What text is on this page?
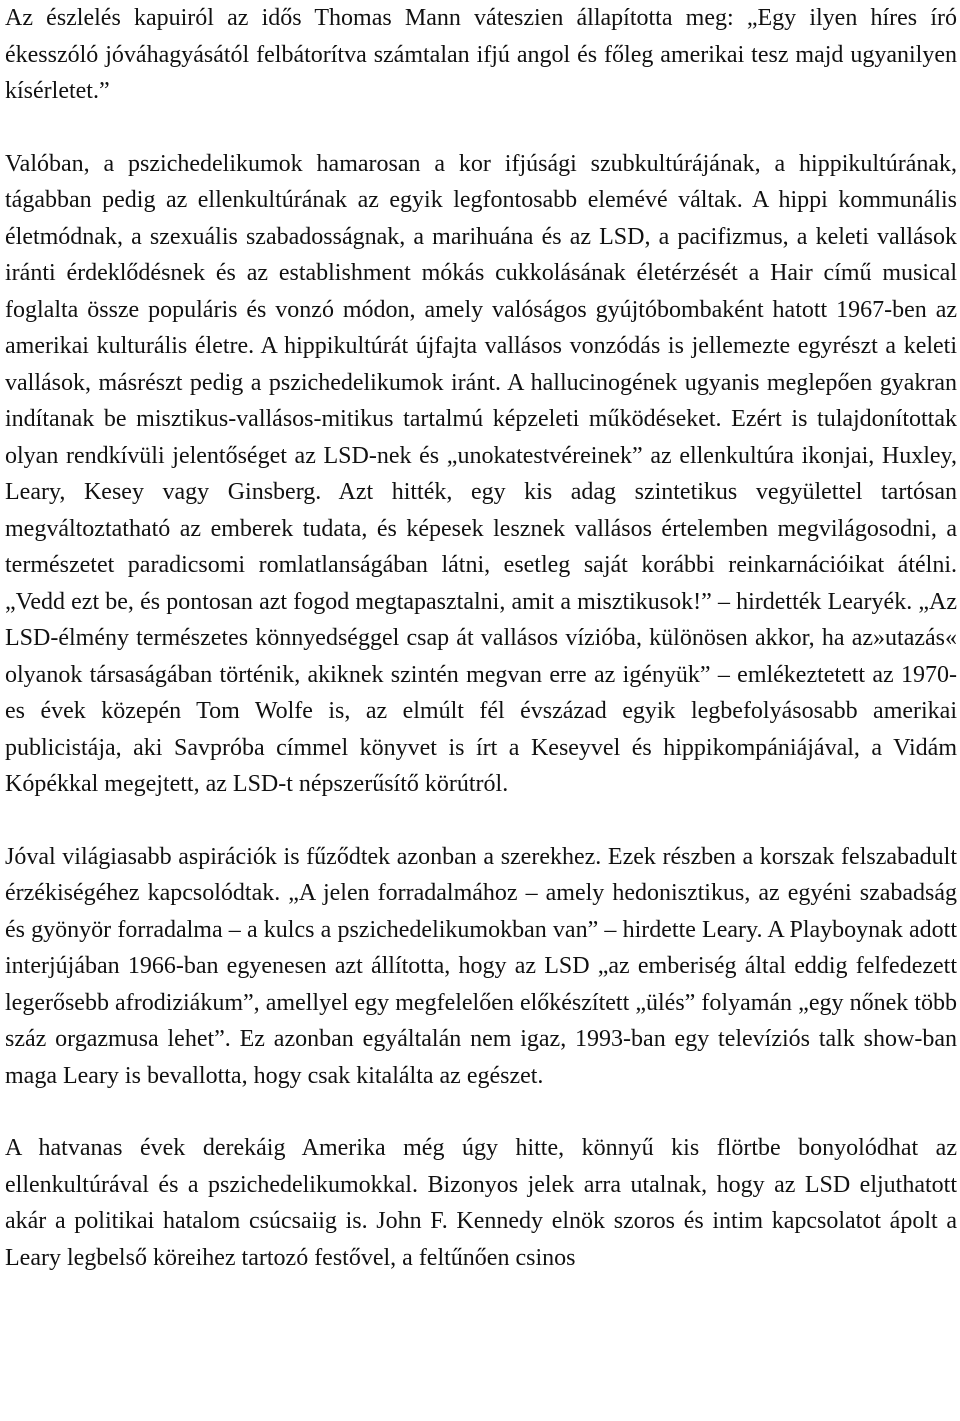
Az észlelés kapuiról az idős Thomas Mann váteszien állapította meg: „Egy ilyen híres író ékesszóló jóváhagyásától felbátorítva számtalan ifjú angol és főleg amerikai tesz majd ugyanilyen kísérletet.”

Valóban, a pszichedelikumok hamarosan a kor ifjúsági szubkultúrájának, a hippikultúrának, tágabban pedig az ellenkultúrának az egyik legfontosabb elemévé váltak. A hippi kommunális életmódnak, a szexuális szabadosságnak, a marihuána és az LSD, a pacifizmus, a keleti vallások iránti érdeklődésnek és az establishment mókás cukkolásának életérzését a Hair című musical foglalta össze populáris és vonzó módon, amely valóságos gyújtóbombaként hatott 1967-ben az amerikai kulturális életre. A hippikultúrát újfajta vallásos vonzódás is jellemezte egyrészt a keleti vallások, másrészt pedig a pszichedelikumok iránt. A hallucinogének ugyanis meglepően gyakran indítanak be misztikus-vallásos-mitikus tartalmú képzeleti működéseket. Ezért is tulajdonítottak olyan rendkívüli jelentőséget az LSD-nek és „unokatestvéreinek” az ellenkultúra ikonjai, Huxley, Leary, Kesey vagy Ginsberg. Azt hitték, egy kis adag szintetikus vegyülettel tartósan megváltoztatható az emberek tudata, és képesek lesznek vallásos értelemben megvilágosodni, a természetet paradicsomi romlatlanságában látni, esetleg saját korábbi reinkarnációikat átélni. „Vedd ezt be, és pontosan azt fogod megtapasztalni, amit a misztikusok!” – hirdették Learyék. „Az LSD-élmény természetes könnyedséggel csap át vallásos vízióba, különösen akkor, ha az»utazás« olyanok társaságában történik, akiknek szintén megvan erre az igényük” – emlékeztetett az 1970-es évek közepén Tom Wolfe is, az elmúlt fél évszázad egyik legbefolyásosabb amerikai publicistája, aki Savpróba címmel könyvet is írt a Keseyvel és hippikompániájával, a Vidám Kópékkal megejtett, az LSD-t népszerűsítő körútról.

Jóval világiasabb aspirációk is fűződtek azonban a szerekhez. Ezek részben a korszak felszabadult érzékiségéhez kapcsolódtak. „A jelen forradalmához – amely hedonisztikus, az egyéni szabadság és gyönyör forradalma – a kulcs a pszichedelikumokban van” – hirdette Leary. A Playboynak adott interjújában 1966-ban egyenesen azt állította, hogy az LSD „az emberiség által eddig felfedezett legerősebb afrodiziákum”, amellyel egy megfelelően előkészített „ülés” folyamán „egy nőnek több száz orgazmusa lehet”. Ez azonban egyáltalán nem igaz, 1993-ban egy televíziós talk show-ban maga Leary is bevallotta, hogy csak kitalálta az egészet.

A hatvanas évek derekáig Amerika még úgy hitte, könnyű kis flörtbe bonyolódhat az ellenkultúrával és a pszichedelikumokkal. Bizonyos jelek arra utalnak, hogy az LSD eljuthatott akár a politikai hatalom csúcsaiig is. John F. Kennedy elnök szoros és intim kapcsolatot ápolt a Leary legbelső köreihez tartozó festővel, a feltűnően csinos
